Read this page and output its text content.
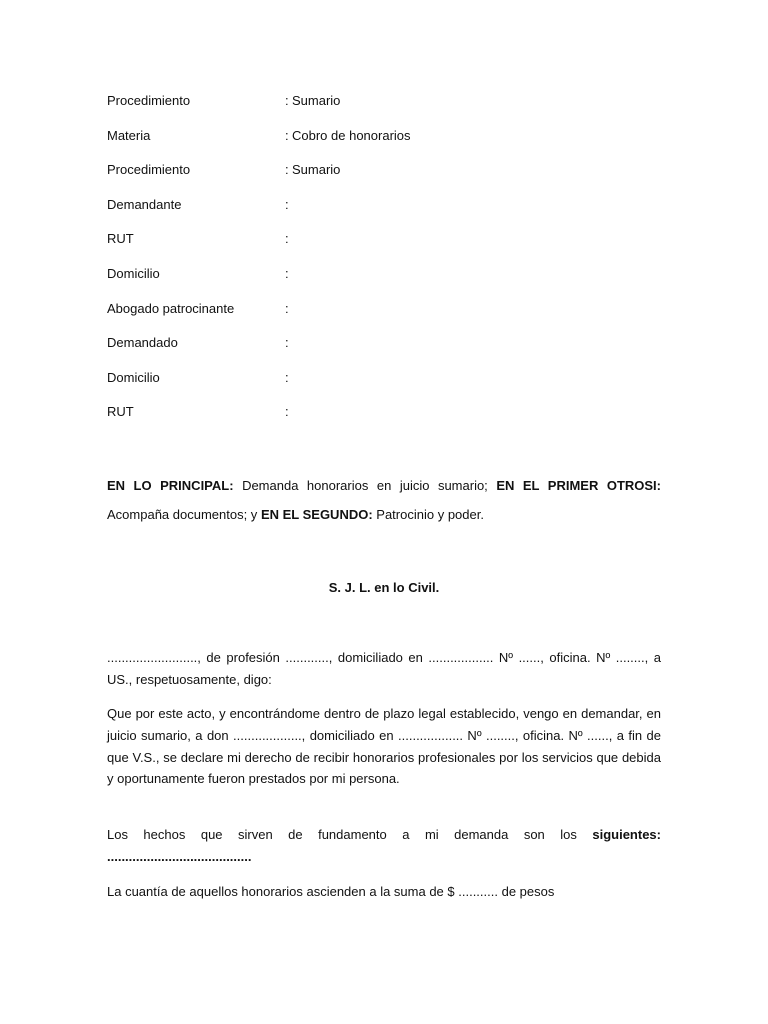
Procedimiento	: Sumario
Materia	: Cobro de honorarios
Procedimiento	: Sumario
Demandante	:
RUT	:
Domicilio	:
Abogado patrocinante	:
Demandado	:
Domicilio	:
RUT	:
EN LO PRINCIPAL: Demanda honorarios en juicio sumario; EN EL PRIMER OTROSI: Acompaña documentos; y EN EL SEGUNDO: Patrocinio y poder.
S. J. L. en lo Civil.

........................., de profesión ............, domiciliado en .................. Nº ......, oficina. Nº ........, a US., respetuosamente, digo:

Que por este acto, y encontrándome dentro de plazo legal establecido, vengo en demandar, en juicio sumario, a don ..................., domiciliado en .................. Nº ........, oficina. Nº ......, a fin de que V.S., se declare mi derecho de recibir honorarios profesionales por los servicios que debida y oportunamente fueron prestados por mi persona.

Los hechos que sirven de fundamento a mi demanda son los siguientes: ........................................

La cuantía de aquellos honorarios ascienden a la suma de $ ........... de pesos
